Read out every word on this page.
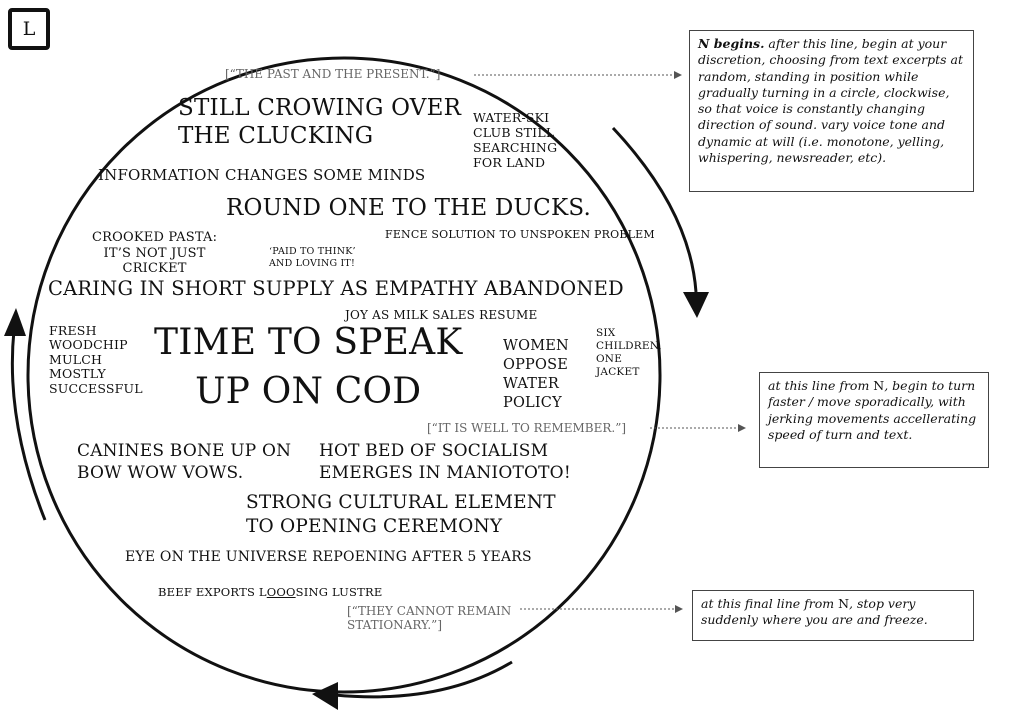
L
[“THE PAST AND THE PRESENT.”]
[“IT IS WELL TO REMEMBER.”]
[“THEY CANNOT REMAIN
STATIONARY.”]
STILL CROWING OVER
THE CLUCKING
WATER-SKI
CLUB STILL
SEARCHING
FOR LAND
INFORMATION CHANGES SOME MINDS
ROUND ONE TO THE DUCKS.
CROOKED PASTA:
IT’S NOT JUST
CRICKET
‘PAID TO THINK’
AND LOVING IT!
FENCE SOLUTION TO UNSPOKEN PROBLEM
CARING IN SHORT SUPPLY AS EMPATHY ABANDONED
JOY AS MILK SALES RESUME
FRESH
WOODCHIP
MULCH
MOSTLY
SUCCESSFUL
TIME TO SPEAK
UP ON COD
WOMEN
OPPOSE
WATER
POLICY
SIX
CHILDREN,
ONE
JACKET
CANINES BONE UP ON
BOW WOW VOWS.
HOT BED OF SOCIALISM
EMERGES IN MANIOTOTO!
STRONG CULTURAL ELEMENT
TO OPENING CEREMONY
EYE ON THE UNIVERSE REPOENING AFTER 5 YEARS
BEEF EXPORTS LOOOSING LUSTRE
N begins. after this line, begin at your discretion, choosing from text excerpts at random, standing in position while gradually turning in a circle, clockwise, so that voice is constantly changing direction of sound. vary voice tone and dynamic at will (i.e. monotone, yelling, whispering, newsreader, etc).
at this line from N, begin to turn faster / move sporadically, with jerking movements accellerating speed of turn and text.
at this final line from N, stop very suddenly where you are and freeze.
